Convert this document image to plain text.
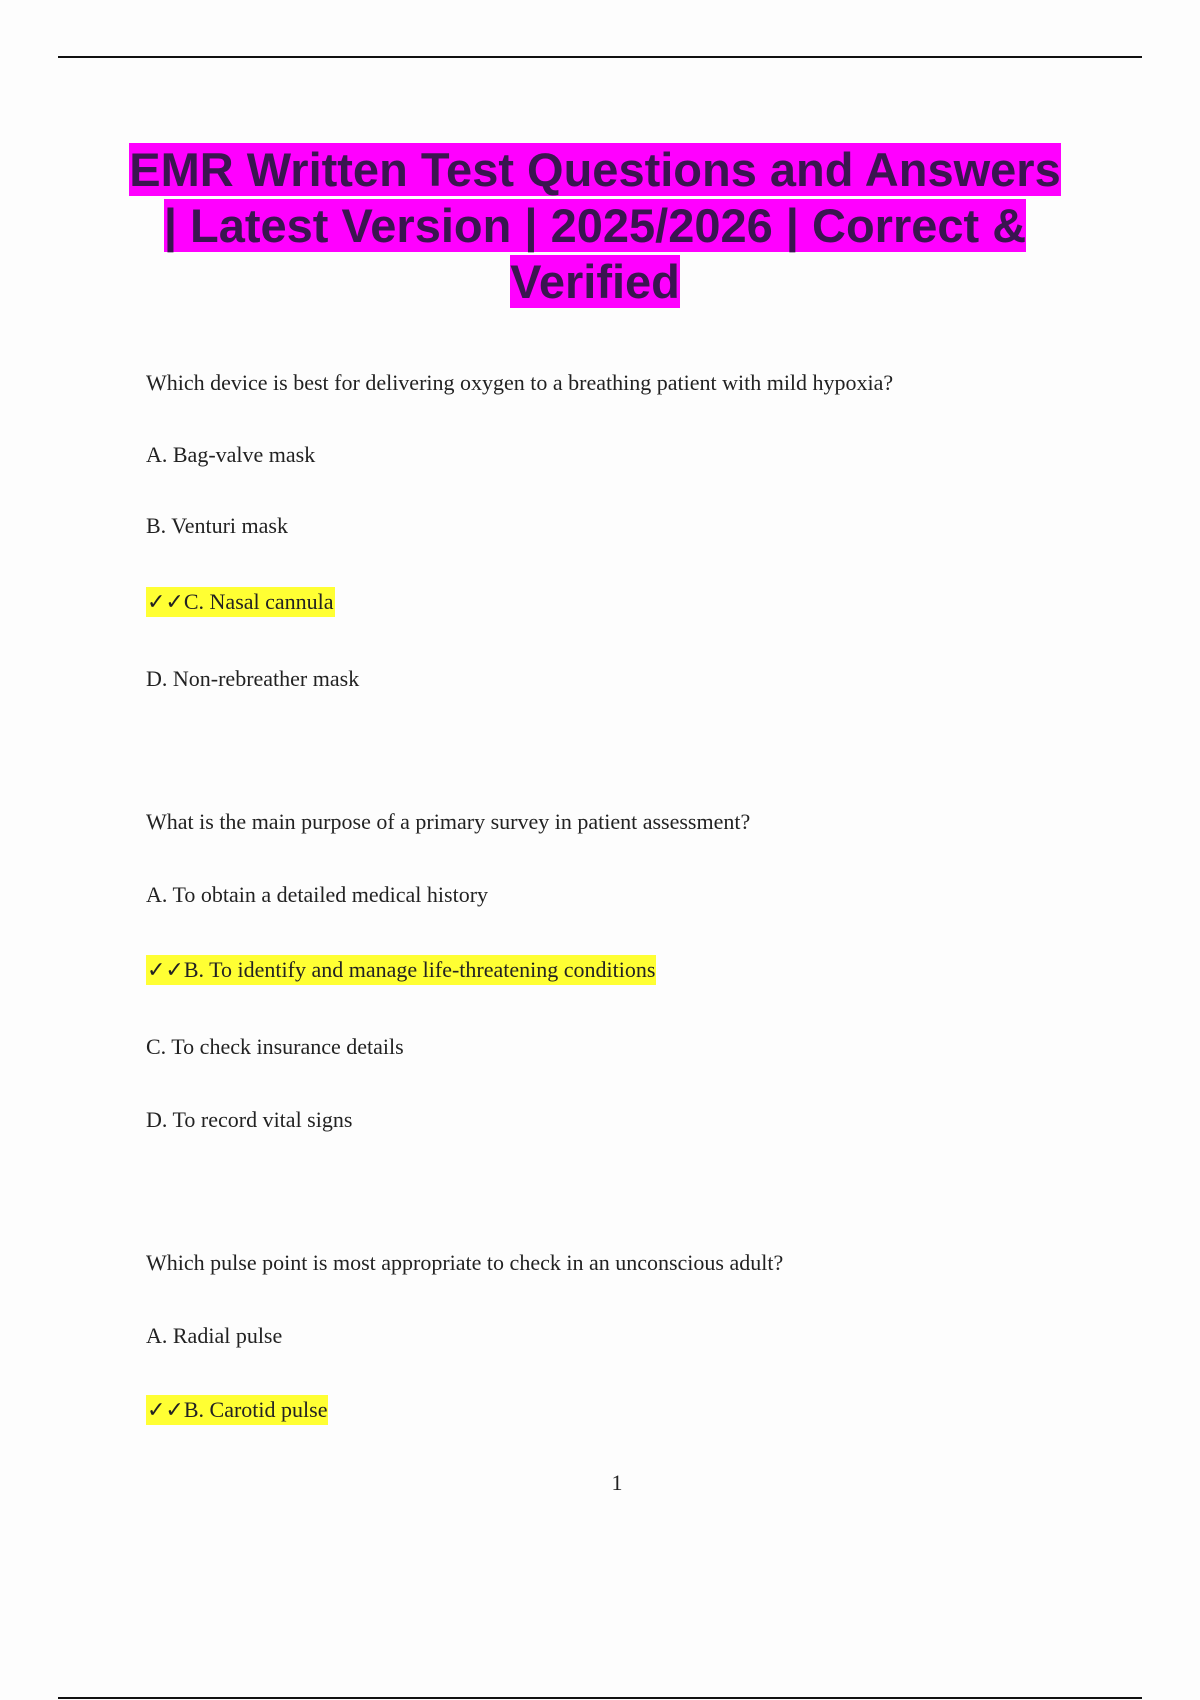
EMR Written Test Questions and Answers | Latest Version | 2025/2026 | Correct & Verified
Which device is best for delivering oxygen to a breathing patient with mild hypoxia?
A. Bag-valve mask
B. Venturi mask
✓✓C. Nasal cannula
D. Non-rebreather mask
What is the main purpose of a primary survey in patient assessment?
A. To obtain a detailed medical history
✓✓B. To identify and manage life-threatening conditions
C. To check insurance details
D. To record vital signs
Which pulse point is most appropriate to check in an unconscious adult?
A. Radial pulse
✓✓B. Carotid pulse
1
